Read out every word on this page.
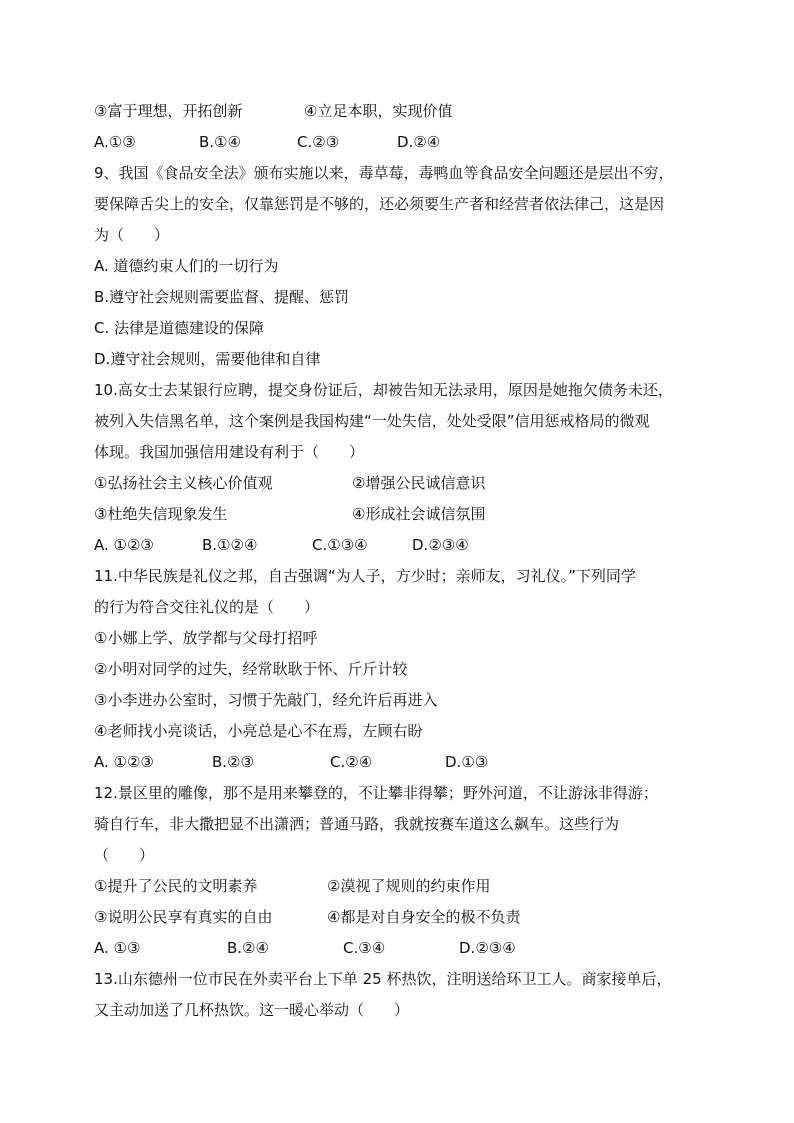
③富于理想，开拓创新	④立足本职，实现价值
A.①③	B.①④	C.②③	D.②④
9、我国《食品安全法》颁布实施以来，毒草莓，毒鸭血等食品安全问题还是层出不穷，
要保障舌尖上的安全，仅靠惩罚是不够的，还必须要生产者和经营者依法律己，这是因
为（　　）
A. 道德约束人们的一切行为
B.遵守社会规则需要监督、提醒、惩罚
C. 法律是道德建设的保障
D.遵守社会规则，需要他律和自律
10.高女士去某银行应聘，提交身份证后，却被告知无法录用，原因是她拖欠债务未还，
被列入失信黑名单，这个案例是我国构建“一处失信，处处受限”信用惩戒格局的微观
体现。我国加强信用建设有利于（　　）
①弘扬社会主义核心价值观	②增强公民诚信意识
③杜绝失信现象发生	④形成社会诚信氛围
A. ①②③	B.①②④	C.①③④	D.②③④
11.中华民族是礼仪之邦，自古强调“为人子，方少时；亲师友，习礼仪。”下列同学
的行为符合交往礼仪的是（　　）
①小娜上学、放学都与父母打招呼
②小明对同学的过失，经常耿耿于怀、斤斤计较
③小李进办公室时，习惯于先敲门，经允许后再进入
④老师找小亮谈话，小亮总是心不在焉，左顾右盼
A. ①②③	B.②③	C.②④	D.①③
12.景区里的雕像，那不是用来攀登的，不让攀非得攀；野外河道，不让游泳非得游；
骑自行车，非大撒把显不出潇洒；普通马路，我就按赛车道这么飙车。这些行为
（　　）
①提升了公民的文明素养	②漠视了规则的约束作用
③说明公民享有真实的自由	④都是对自身安全的极不负责
A. ①③	B.②④	C.③④	D.②③④
13.山东德州一位市民在外卖平台上下单 25 杯热饮，注明送给环卫工人。商家接单后，
又主动加送了几杯热饮。这一暖心举动（　　）
